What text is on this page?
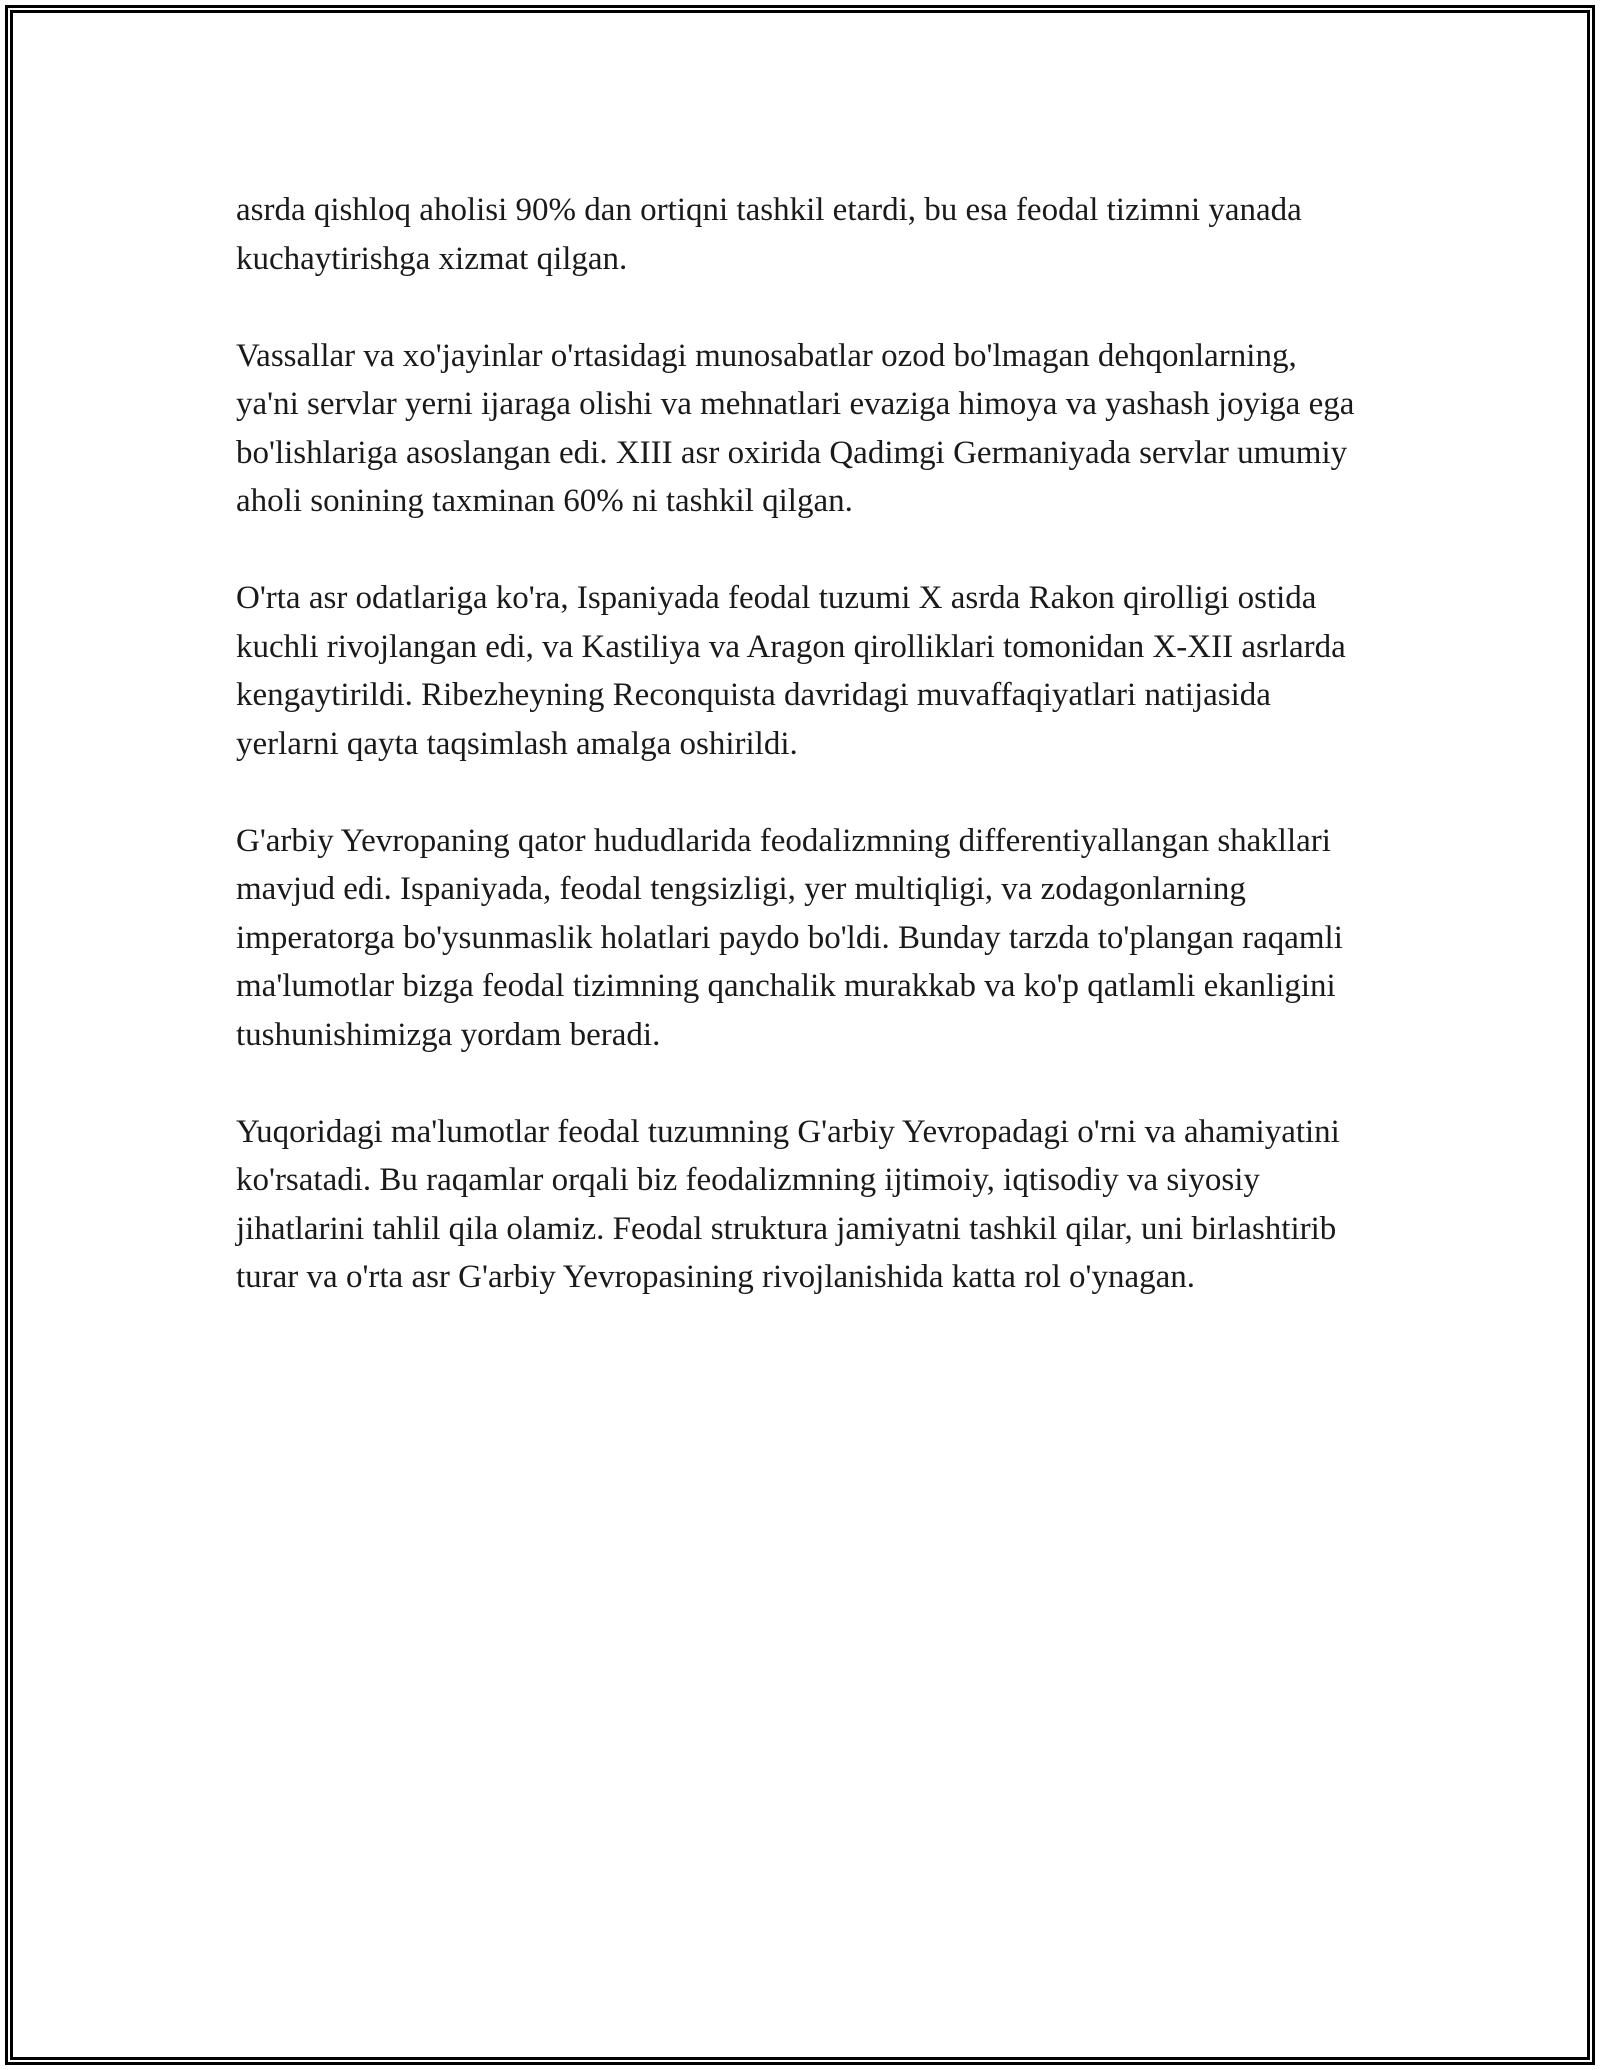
asrda qishloq aholisi 90% dan ortiqni tashkil etardi, bu esa feodal tizimni yanada kuchaytirishga xizmat qilgan.

Vassallar va xo'jayinlar o'rtasidagi munosabatlar ozod bo'lmagan dehqonlarning, ya'ni servlar yerni ijaraga olishi va mehnatlari evaziga himoya va yashash joyiga ega bo'lishlariga asoslangan edi. XIII asr oxirida Qadimgi Germaniyada servlar umumiy aholi sonining taxminan 60% ni tashkil qilgan.

O'rta asr odatlariga ko'ra, Ispaniyada feodal tuzumi X asrda Rakon qirolligi ostida kuchli rivojlangan edi, va Kastiliya va Aragon qirolliklari tomonidan X-XII asrlarda kengaytirildi. Ribezheyning Reconquista davridagi muvaffaqiyatlari natijasida yerlarni qayta taqsimlash amalga oshirildi.

G'arbiy Yevropaning qator hududlarida feodalizmning differentiyallangan shakllari mavjud edi. Ispaniyada, feodal tengsizligi, yer multiqligi, va zodagonlarning imperatorga bo'ysunmaslik holatlari paydo bo'ldi. Bunday tarzda to'plangan raqamli ma'lumotlar bizga feodal tizimning qanchalik murakkab va ko'p qatlamli ekanligini tushunishimizga yordam beradi.

Yuqoridagi ma'lumotlar feodal tuzumning G'arbiy Yevropadagi o'rni va ahamiyatini ko'rsatadi. Bu raqamlar orqali biz feodalizmning ijtimoiy, iqtisodiy va siyosiy jihatlarini tahlil qila olamiz. Feodal struktura jamiyatni tashkil qilar, uni birlashtirib turar va o'rta asr G'arbiy Yevropasining rivojlanishida katta rol o'ynagan.
